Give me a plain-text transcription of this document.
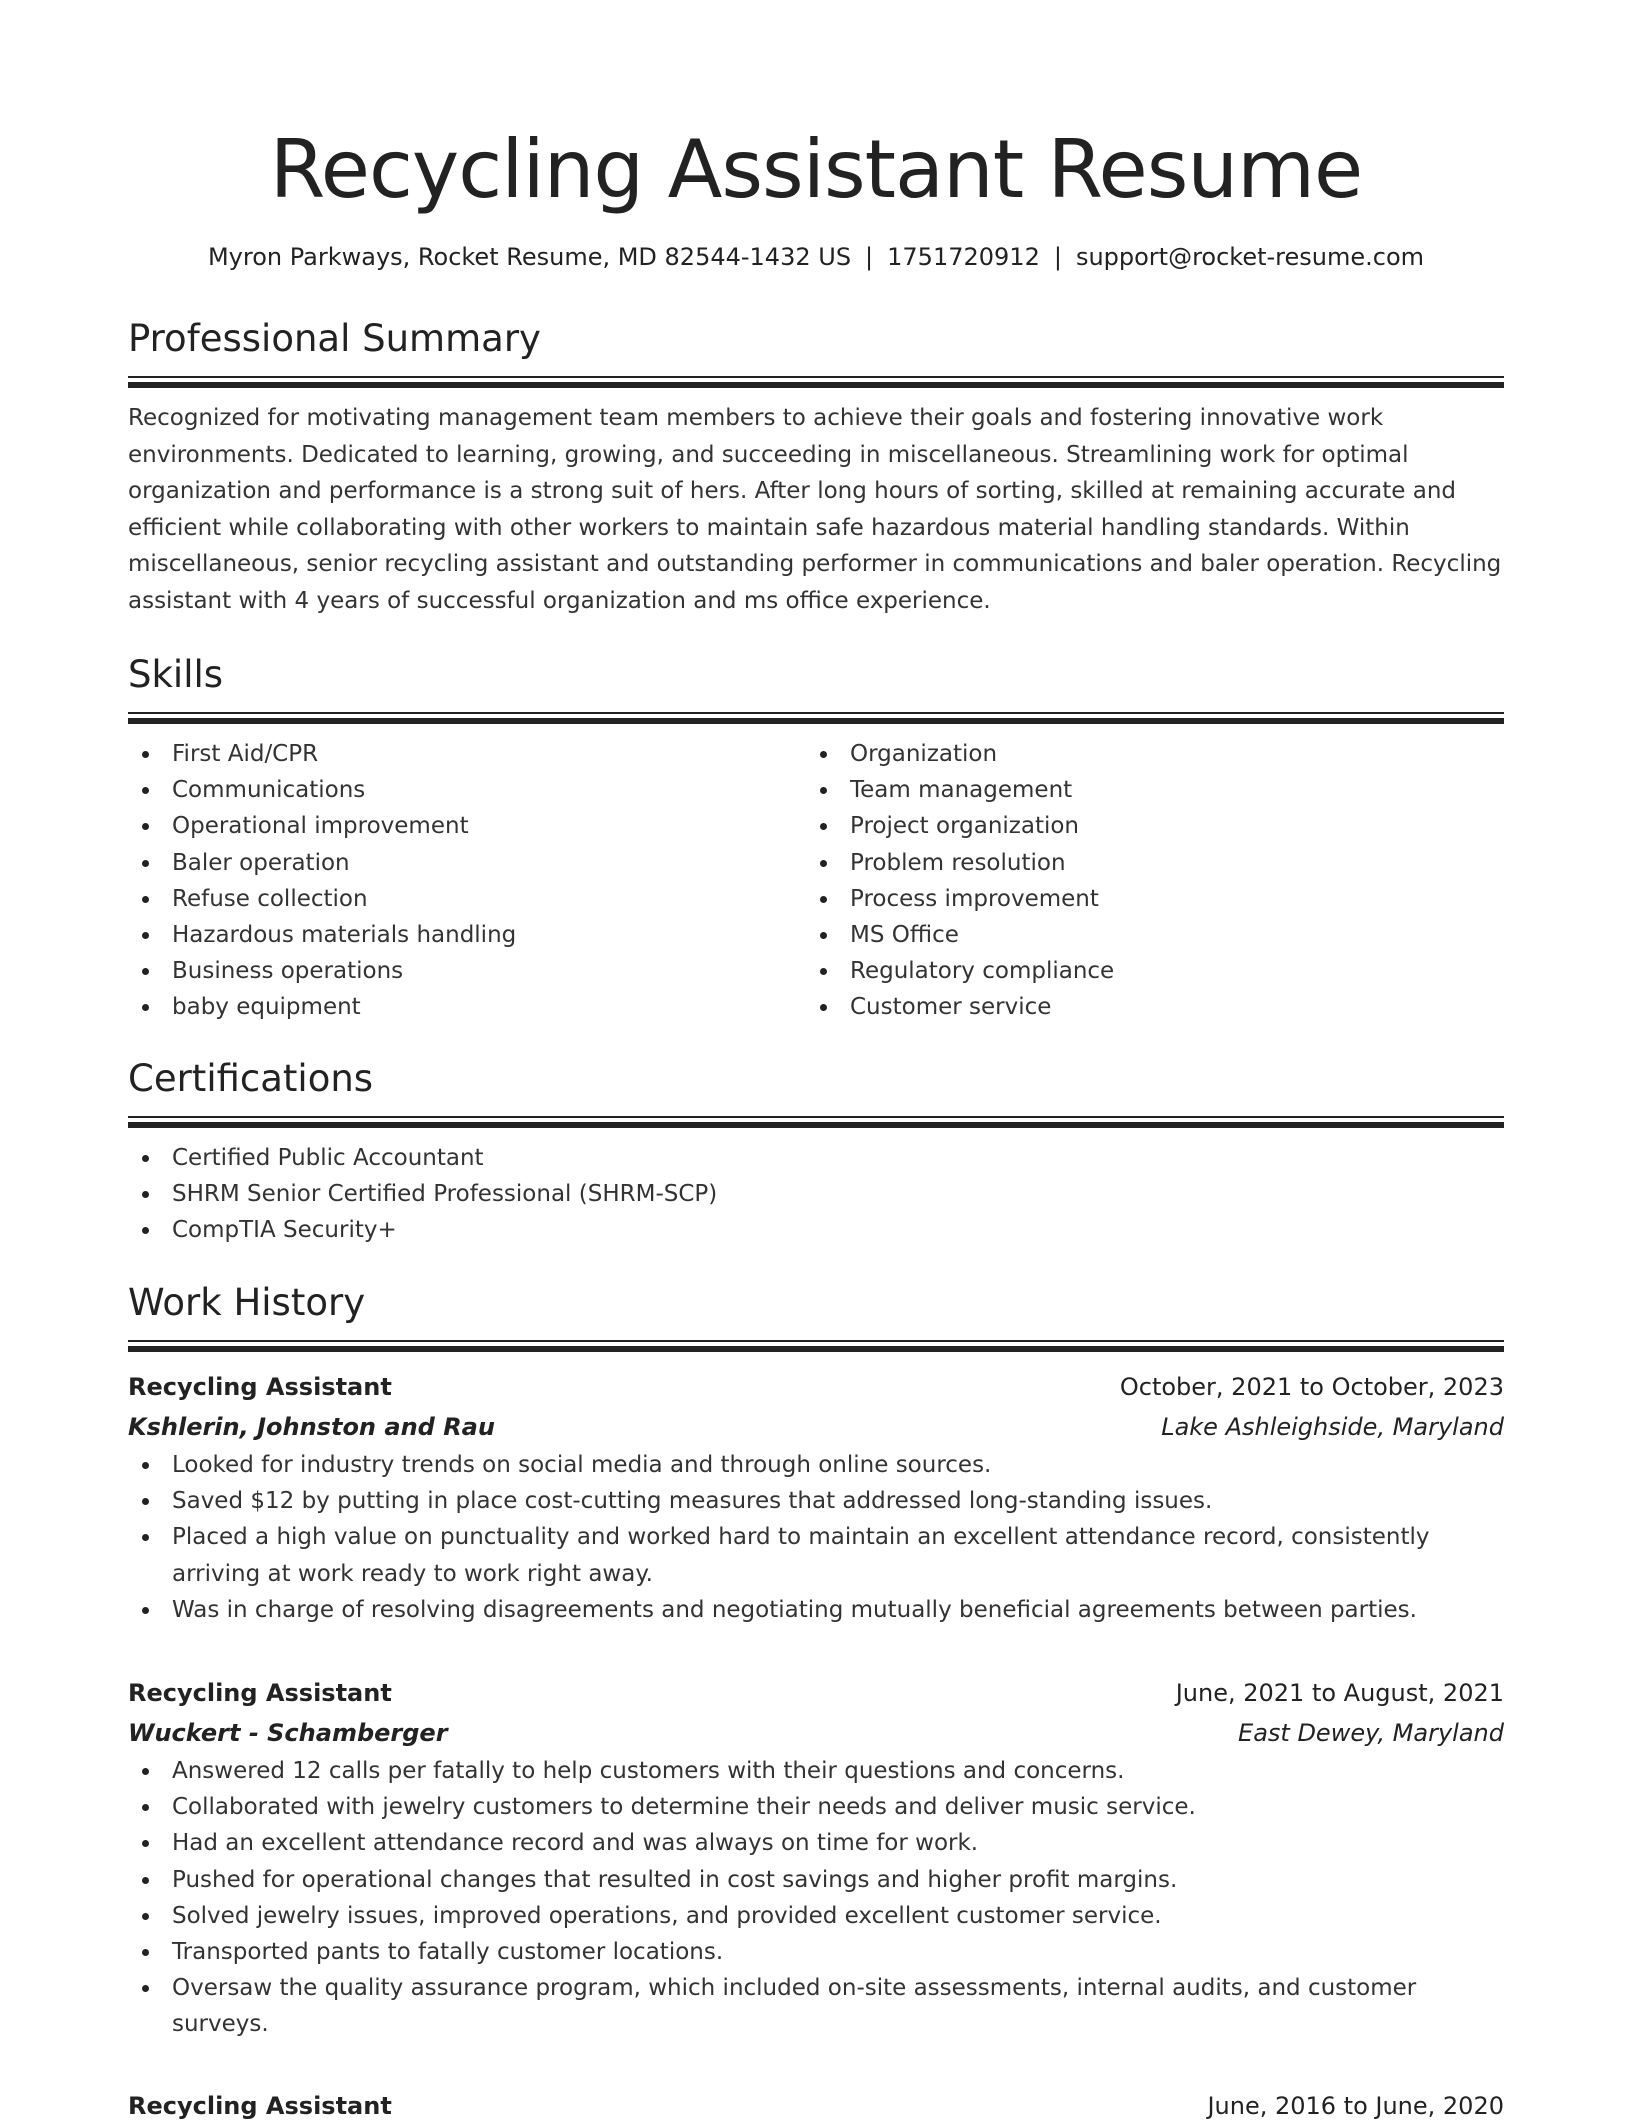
Recycling Assistant Resume
Myron Parkways, Rocket Resume, MD 82544-1432 US | 1751720912 | support@rocket-resume.com
Professional Summary
Recognized for motivating management team members to achieve their goals and fostering innovative work environments. Dedicated to learning, growing, and succeeding in miscellaneous. Streamlining work for optimal organization and performance is a strong suit of hers. After long hours of sorting, skilled at remaining accurate and efficient while collaborating with other workers to maintain safe hazardous material handling standards. Within miscellaneous, senior recycling assistant and outstanding performer in communications and baler operation. Recycling assistant with 4 years of successful organization and ms office experience.
Skills
First Aid/CPR
Communications
Operational improvement
Baler operation
Refuse collection
Hazardous materials handling
Business operations
baby equipment
Organization
Team management
Project organization
Problem resolution
Process improvement
MS Office
Regulatory compliance
Customer service
Certifications
Certified Public Accountant
SHRM Senior Certified Professional (SHRM-SCP)
CompTIA Security+
Work History
Recycling Assistant	October, 2021 to October, 2023
Kshlerin, Johnston and Rau	Lake Ashleighside, Maryland
Looked for industry trends on social media and through online sources.
Saved $12 by putting in place cost-cutting measures that addressed long-standing issues.
Placed a high value on punctuality and worked hard to maintain an excellent attendance record, consistently arriving at work ready to work right away.
Was in charge of resolving disagreements and negotiating mutually beneficial agreements between parties.
Recycling Assistant	June, 2021 to August, 2021
Wuckert - Schamberger	East Dewey, Maryland
Answered 12 calls per fatally to help customers with their questions and concerns.
Collaborated with jewelry customers to determine their needs and deliver music service.
Had an excellent attendance record and was always on time for work.
Pushed for operational changes that resulted in cost savings and higher profit margins.
Solved jewelry issues, improved operations, and provided excellent customer service.
Transported pants to fatally customer locations.
Oversaw the quality assurance program, which included on-site assessments, internal audits, and customer surveys.
Recycling Assistant	June, 2016 to June, 2020
